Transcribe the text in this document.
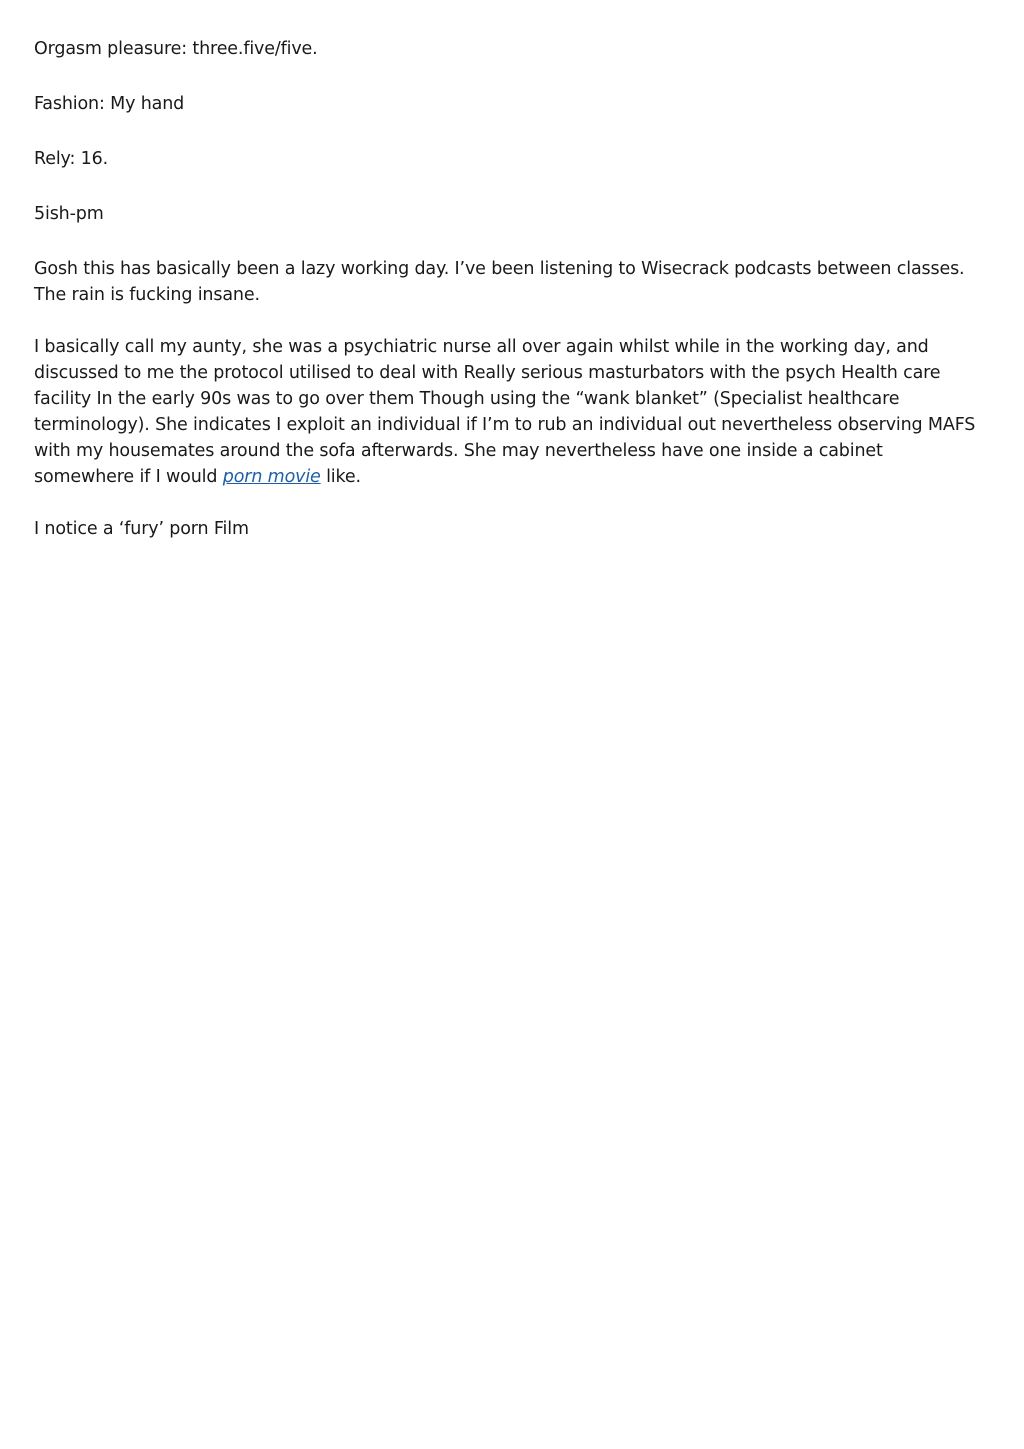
Orgasm pleasure: three.five/five.

Fashion: My hand

Rely: 16.

5ish-pm

Gosh this has basically been a lazy working day. I’ve been listening to Wisecrack podcasts between classes. The rain is fucking insane.

I basically call my aunty, she was a psychiatric nurse all over again whilst while in the working day, and discussed to me the protocol utilised to deal with Really serious masturbators with the psych Health care facility In the early 90s was to go over them Though using the “wank blanket” (Specialist healthcare terminology). She indicates I exploit an individual if I’m to rub an individual out nevertheless observing MAFS with my housemates around the sofa afterwards. She may nevertheless have one inside a cabinet somewhere if I would porn movie like.

I notice a ‘fury’ porn Film
